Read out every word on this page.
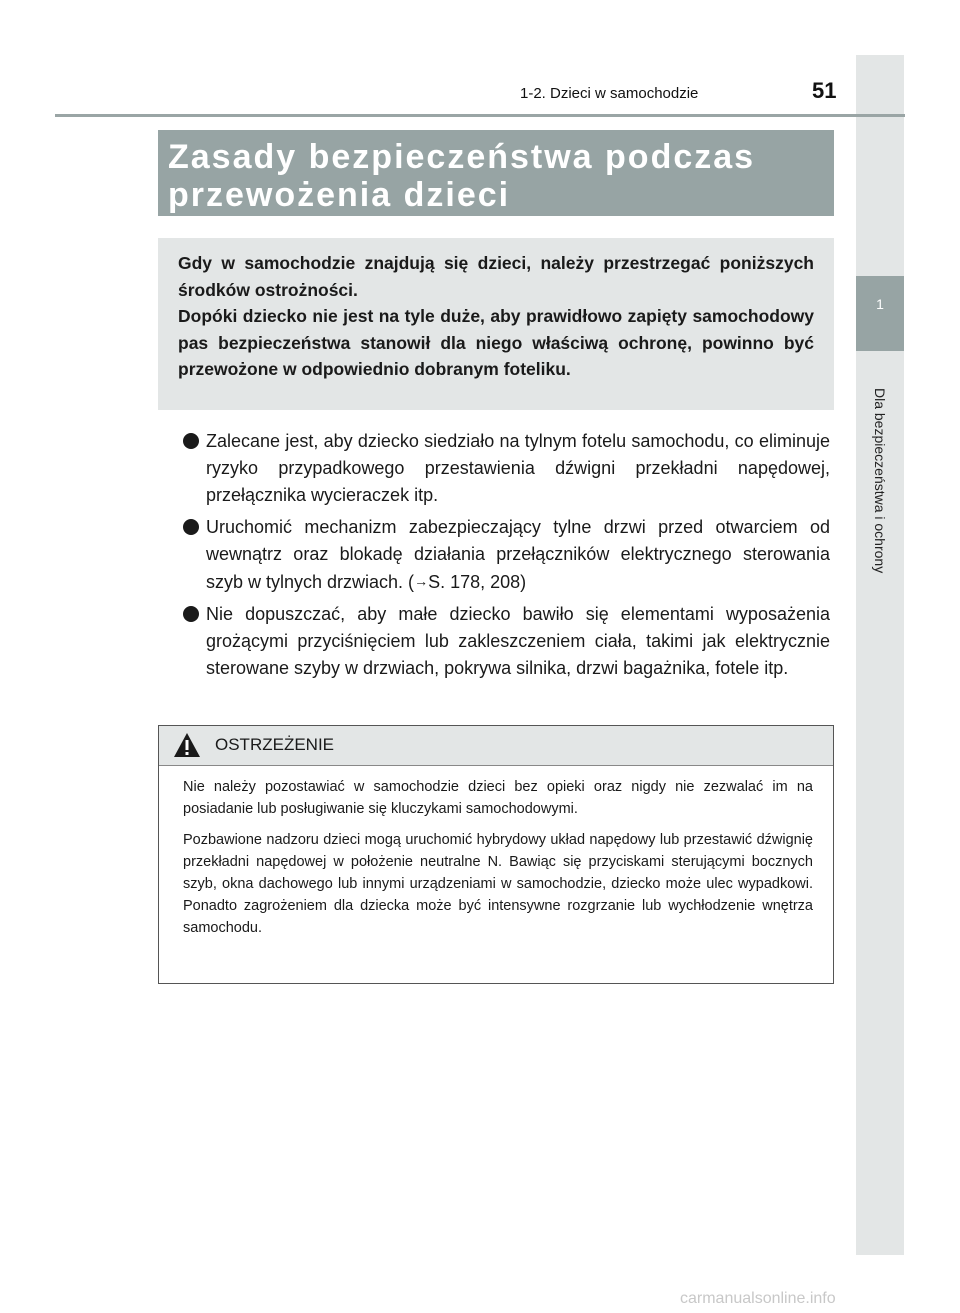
1
Dla bezpieczeństwa i ochrony
1-2. Dzieci w samochodzie	51
Zasady bezpieczeństwa podczas
przewożenia dzieci

Gdy w samochodzie znajdują się dzieci, należy przestrzegać poniższych środków ostrożności.

Dopóki dziecko nie jest na tyle duże, aby prawidłowo zapięty samochodowy pas bezpieczeństwa stanowił dla niego właściwą ochronę, powinno być przewożone w odpowiednio dobranym foteliku.

Zalecane jest, aby dziecko siedziało na tylnym fotelu samochodu, co eliminuje ryzyko przypadkowego przestawienia dźwigni przekładni napędowej, przełącznika wycieraczek itp.
Uruchomić mechanizm zabezpieczający tylne drzwi przed otwarciem od wewnątrz oraz blokadę działania przełączników elektrycznego sterowania szyb w tylnych drzwiach. (→S. 178, 208)
Nie dopuszczać, aby małe dziecko bawiło się elementami wyposażenia grożącymi przyciśnięciem lub zakleszczeniem ciała, takimi jak elektrycznie sterowane szyby w drzwiach, pokrywa silnika, drzwi bagażnika, fotele itp.
OSTRZEŻENIE

Nie należy pozostawiać w samochodzie dzieci bez opieki oraz nigdy nie zezwalać im na posiadanie lub posługiwanie się kluczykami samochodowymi.

Pozbawione nadzoru dzieci mogą uruchomić hybrydowy układ napędowy lub przestawić dźwignię przekładni napędowej w położenie neutralne N. Bawiąc się przyciskami sterującymi bocznych szyb, okna dachowego lub innymi urządzeniami w samochodzie, dziecko może ulec wypadkowi. Ponadto zagrożeniem dla dziecka może być intensywne rozgrzanie lub wychłodzenie wnętrza samochodu.

carmanualsonline.info
